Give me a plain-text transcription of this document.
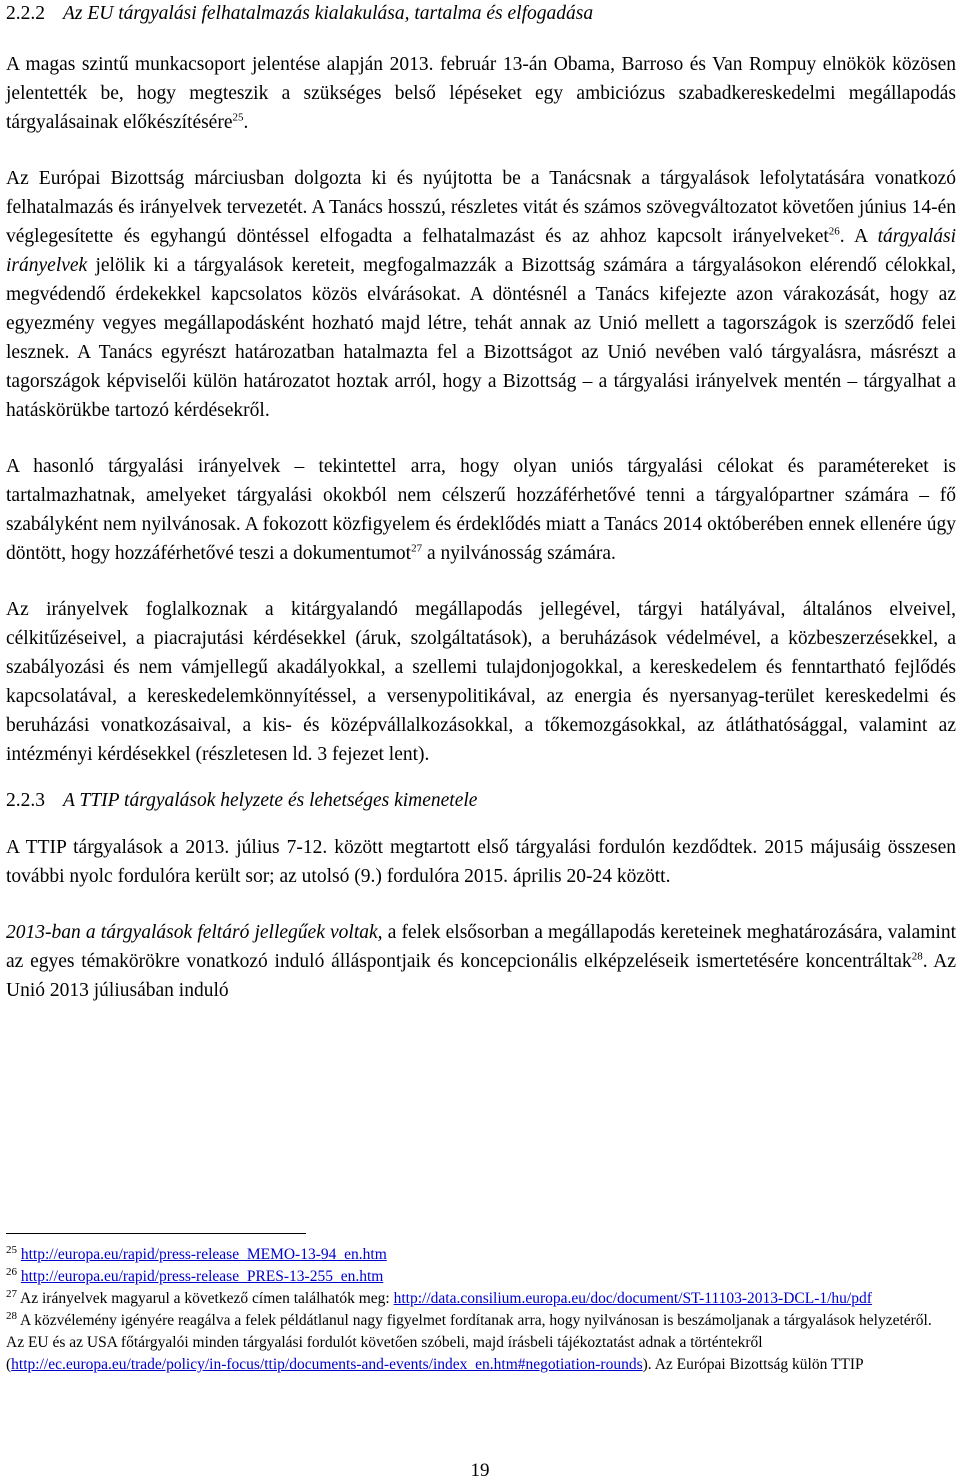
2.2.2 Az EU tárgyalási felhatalmazás kialakulása, tartalma és elfogadása

A magas szintű munkacsoport jelentése alapján 2013. február 13-án Obama, Barroso és Van Rompuy elnökök közösen jelentették be, hogy megteszik a szükséges belső lépéseket egy ambiciózus szabadkereskedelmi megállapodás tárgyalásainak előkészítésére$^{25}$.

Az Európai Bizottság márciusban dolgozta ki és nyújtotta be a Tanácsnak a tárgyalások lefolytatására vonatkozó felhatalmazás és irányelvek tervezetét. A Tanács hosszú, részletes vitát és számos szövegváltozatot követően június 14-én véglegesítette és egyhangú döntéssel elfogadta a felhatalmazást és az ahhoz kapcsolt irányelveket$^{26}$. A tárgyalási irányelvek jelölik ki a tárgyalások kereteit, megfogalmazzák a Bizottság számára a tárgyalásokon elérendő célokkal, megvédendő érdekekkel kapcsolatos közös elvárásokat. A döntésnél a Tanács kifejezte azon várakozását, hogy az egyezmény vegyes megállapodásként hozható majd létre, tehát annak az Unió mellett a tagországok is szerződő felei lesznek. A Tanács egyrészt határozatban hatalmazta fel a Bizottságot az Unió nevében való tárgyalásra, másrészt a tagországok képviselői külön határozatot hoztak arról, hogy a Bizottság – a tárgyalási irányelvek mentén – tárgyalhat a hatáskörükbe tartozó kérdésekről.

A hasonló tárgyalási irányelvek – tekintettel arra, hogy olyan uniós tárgyalási célokat és paramétereket is tartalmazhatnak, amelyeket tárgyalási okokból nem célszerű hozzáférhetővé tenni a tárgyalópartner számára – fő szabályként nem nyilvánosak. A fokozott közfigyelem és érdeklődés miatt a Tanács 2014 októberében ennek ellenére úgy döntött, hogy hozzáférhetővé teszi a dokumentumot$^{27}$ a nyilvánosság számára.

Az irányelvek foglalkoznak a kitárgyalandó megállapodás jellegével, tárgyi hatályával, általános elveivel, célkitűzéseivel, a piacrajutási kérdésekkel (áruk, szolgáltatások), a beruházások védelmével, a közbeszerzésekkel, a szabályozási és nem vámjellegű akadályokkal, a szellemi tulajdonjogokkal, a kereskedelem és fenntartható fejlődés kapcsolatával, a kereskedelemkönnyítéssel, a versenypolitikával, az energia és nyersanyag-terület kereskedelmi és beruházási vonatkozásaival, a kis- és középvállalkozásokkal, a tőkemozgásokkal, az átláthatósággal, valamint az intézményi kérdésekkel (részletesen ld. 3 fejezet lent).

2.2.3 A TTIP tárgyalások helyzete és lehetséges kimenetele

A TTIP tárgyalások a 2013. július 7-12. között megtartott első tárgyalási fordulón kezdődtek. 2015 májusáig összesen további nyolc fordulóra került sor; az utolsó (9.) fordulóra 2015. április 20-24 között.

2013-ban a tárgyalások feltáró jellegűek voltak, a felek elsősorban a megállapodás kereteinek meghatározására, valamint az egyes témakörökre vonatkozó induló álláspontjaik és koncepcionális elképzeléseik ismertetésére koncentráltak$^{28}$. Az Unió 2013 júliusában induló

$^{25}$ http://europa.eu/rapid/press-release_MEMO-13-94_en.htm

$^{26}$ http://europa.eu/rapid/press-release_PRES-13-255_en.htm

$^{27}$ Az irányelvek magyarul a következő címen találhatók meg: http://data.consilium.europa.eu/doc/document/ST-11103-2013-DCL-1/hu/pdf

$^{28}$ A közvélemény igényére reagálva a felek példátlanul nagy figyelmet fordítanak arra, hogy nyilvánosan is beszámoljanak a tárgyalások helyzetéről. Az EU és az USA főtárgyalói minden tárgyalási fordulót követően szóbeli, majd írásbeli tájékoztatást adnak a történtekről (http://ec.europa.eu/trade/policy/in-focus/ttip/documents-and-events/index_en.htm#negotiation-rounds). Az Európai Bizottság külön TTIP

19
